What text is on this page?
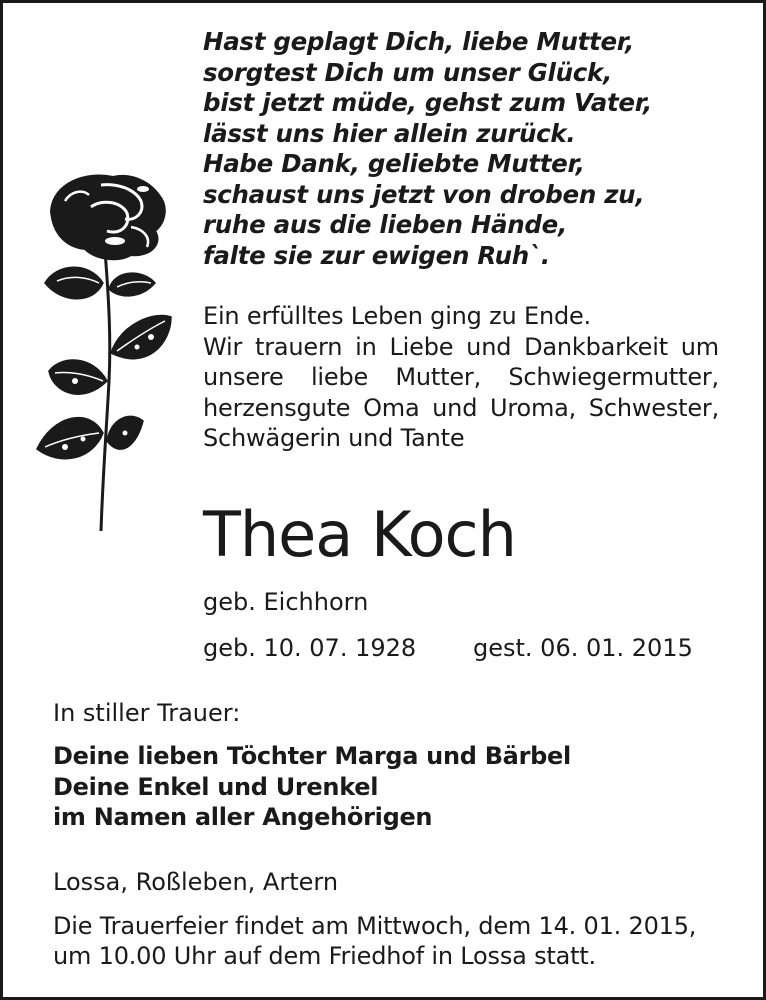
Hast geplagt Dich, liebe Mutter,
sorgtest Dich um unser Glück,
bist jetzt müde, gehst zum Vater,
lässt uns hier allein zurück.
Habe Dank, geliebte Mutter,
schaust uns jetzt von droben zu,
ruhe aus die lieben Hände,
falte sie zur ewigen Ruh`.
Ein erfülltes Leben ging zu Ende.
Wir trauern in Liebe und Dankbarkeit um
unsere liebe Mutter, Schwiegermutter,
herzensgute Oma und Uroma, Schwester,
Schwägerin und Tante
Thea Koch
geb. Eichhorn
geb. 10. 07. 1928 gest. 06. 01. 2015
In stiller Trauer:
Deine lieben Töchter Marga und Bärbel
Deine Enkel und Urenkel
im Namen aller Angehörigen
Lossa, Roßleben, Artern
Die Trauerfeier findet am Mittwoch, dem 14. 01. 2015,
um 10.00 Uhr auf dem Friedhof in Lossa statt.
